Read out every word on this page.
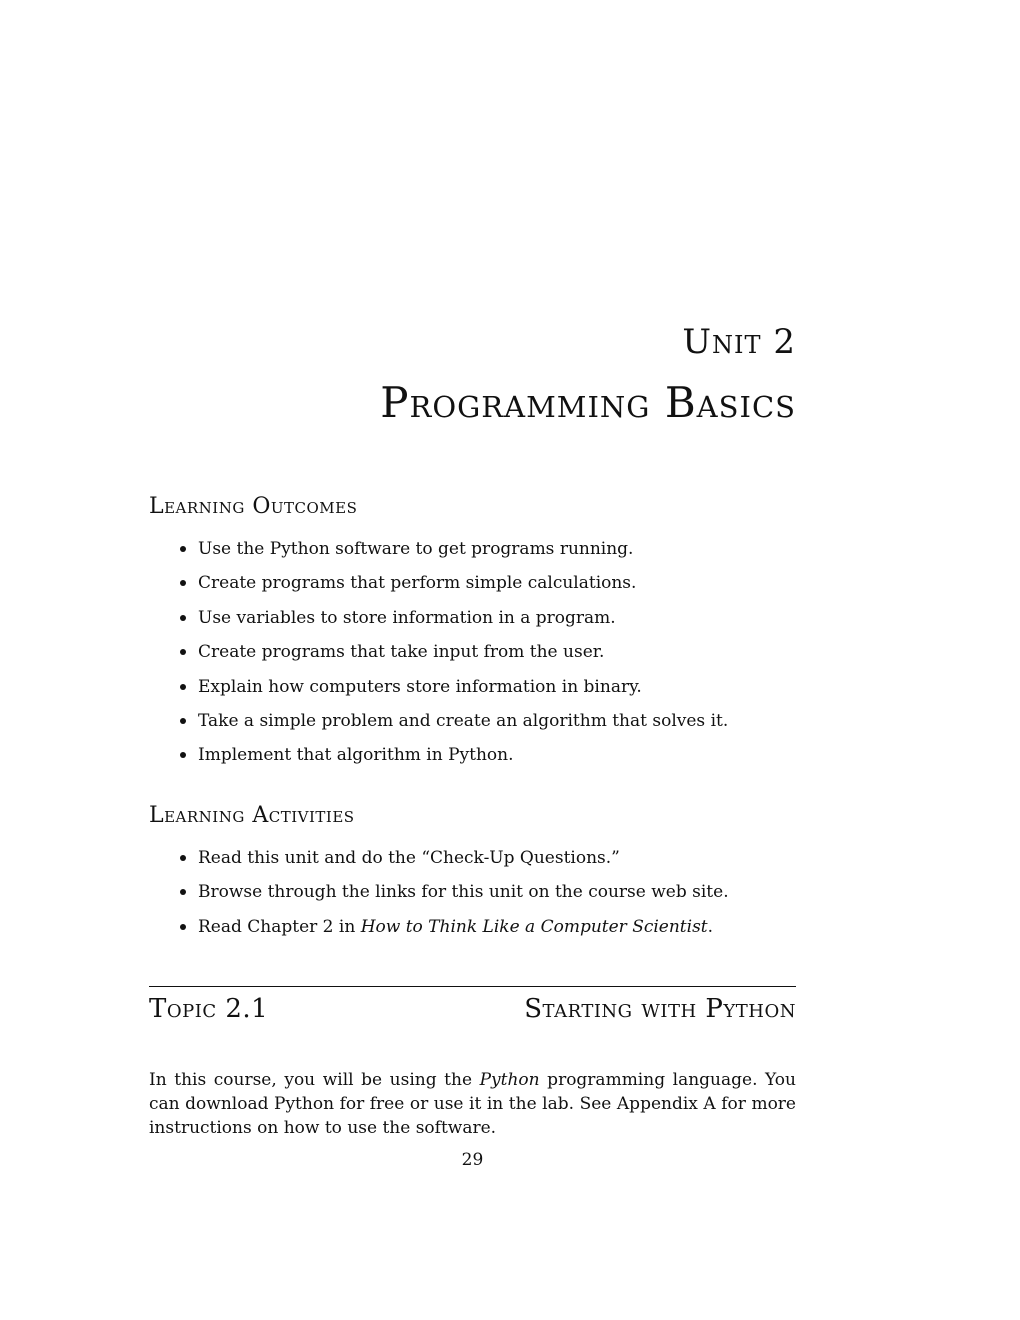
Unit 2
Programming Basics
Learning Outcomes
Use the Python software to get programs running.
Create programs that perform simple calculations.
Use variables to store information in a program.
Create programs that take input from the user.
Explain how computers store information in binary.
Take a simple problem and create an algorithm that solves it.
Implement that algorithm in Python.
Learning Activities
Read this unit and do the “Check-Up Questions.”
Browse through the links for this unit on the course web site.
Read Chapter 2 in How to Think Like a Computer Scientist.
Topic 2.1	Starting with Python

In this course, you will be using the Python programming language. You can download Python for free or use it in the lab. See Appendix A for more instructions on how to use the software.

29
